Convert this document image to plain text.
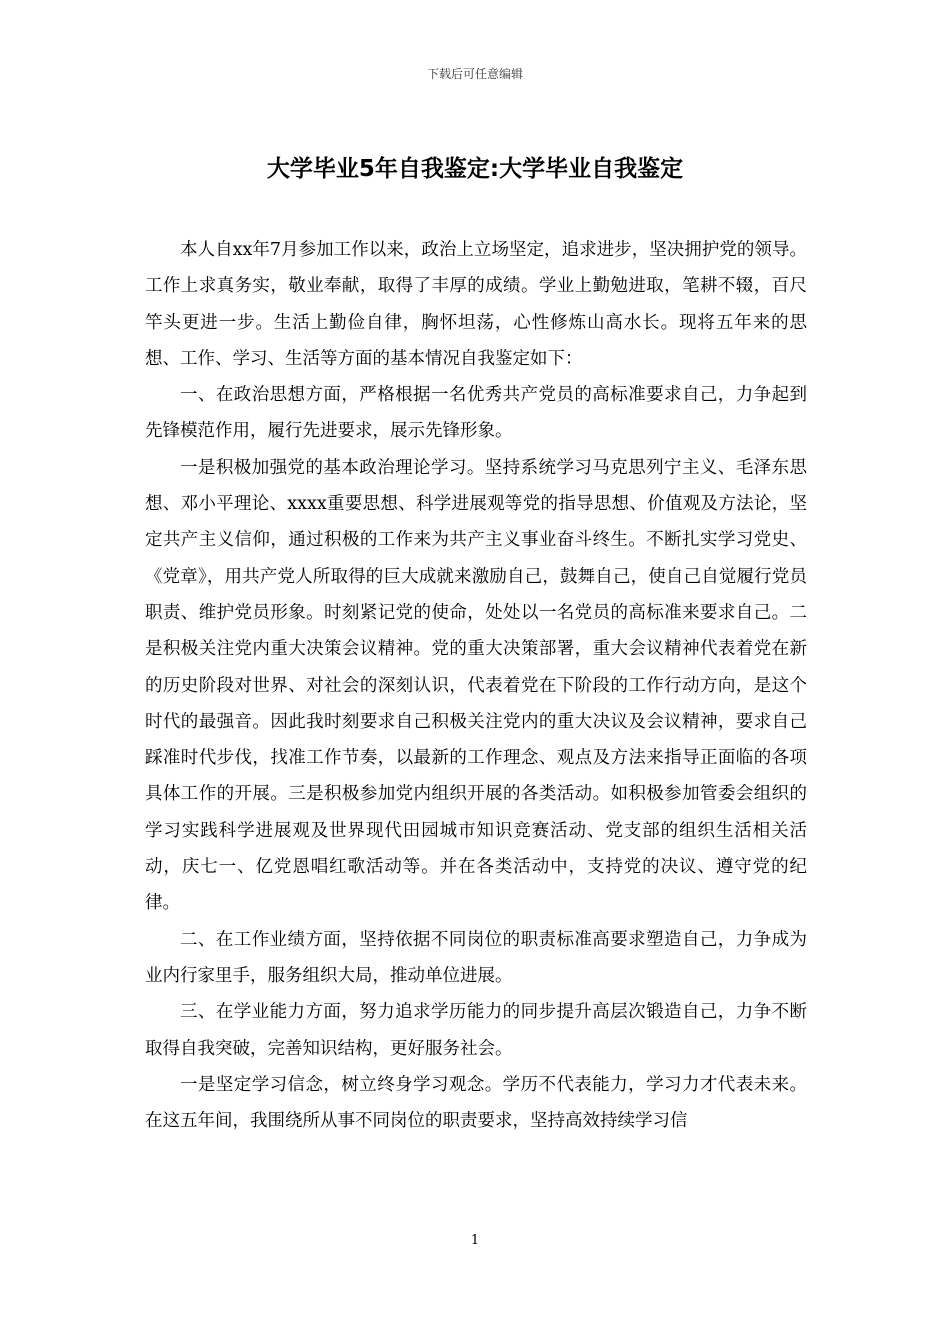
下载后可任意编辑
大学毕业5年自我鉴定:大学毕业自我鉴定

本人自xx年7月参加工作以来，政治上立场坚定，追求进步，坚决拥护党的领导。工作上求真务实，敬业奉献，取得了丰厚的成绩。学业上勤勉进取，笔耕不辍，百尺竿头更进一步。生活上勤俭自律，胸怀坦荡，心性修炼山高水长。现将五年来的思想、工作、学习、生活等方面的基本情况自我鉴定如下：

一、在政治思想方面，严格根据一名优秀共产党员的高标准要求自己，力争起到先锋模范作用，履行先进要求，展示先锋形象。

一是积极加强党的基本政治理论学习。坚持系统学习马克思列宁主义、毛泽东思想、邓小平理论、xxxx重要思想、科学进展观等党的指导思想、价值观及方法论，坚定共产主义信仰，通过积极的工作来为共产主义事业奋斗终生。不断扎实学习党史、《党章》，用共产党人所取得的巨大成就来激励自己，鼓舞自己，使自己自觉履行党员职责、维护党员形象。时刻紧记党的使命，处处以一名党员的高标准来要求自己。二是积极关注党内重大决策会议精神。党的重大决策部署，重大会议精神代表着党在新的历史阶段对世界、对社会的深刻认识，代表着党在下阶段的工作行动方向，是这个时代的最强音。因此我时刻要求自己积极关注党内的重大决议及会议精神，要求自己踩准时代步伐，找准工作节奏，以最新的工作理念、观点及方法来指导正面临的各项具体工作的开展。三是积极参加党内组织开展的各类活动。如积极参加管委会组织的学习实践科学进展观及世界现代田园城市知识竞赛活动、党支部的组织生活相关活动，庆七一、亿党恩唱红歌活动等。并在各类活动中，支持党的决议、遵守党的纪律。

二、在工作业绩方面，坚持依据不同岗位的职责标准高要求塑造自己，力争成为业内行家里手，服务组织大局，推动单位进展。

三、在学业能力方面，努力追求学历能力的同步提升高层次锻造自己，力争不断取得自我突破，完善知识结构，更好服务社会。

一是坚定学习信念，树立终身学习观念。学历不代表能力，学习力才代表未来。在这五年间，我围绕所从事不同岗位的职责要求，坚持高效持续学习信

1
